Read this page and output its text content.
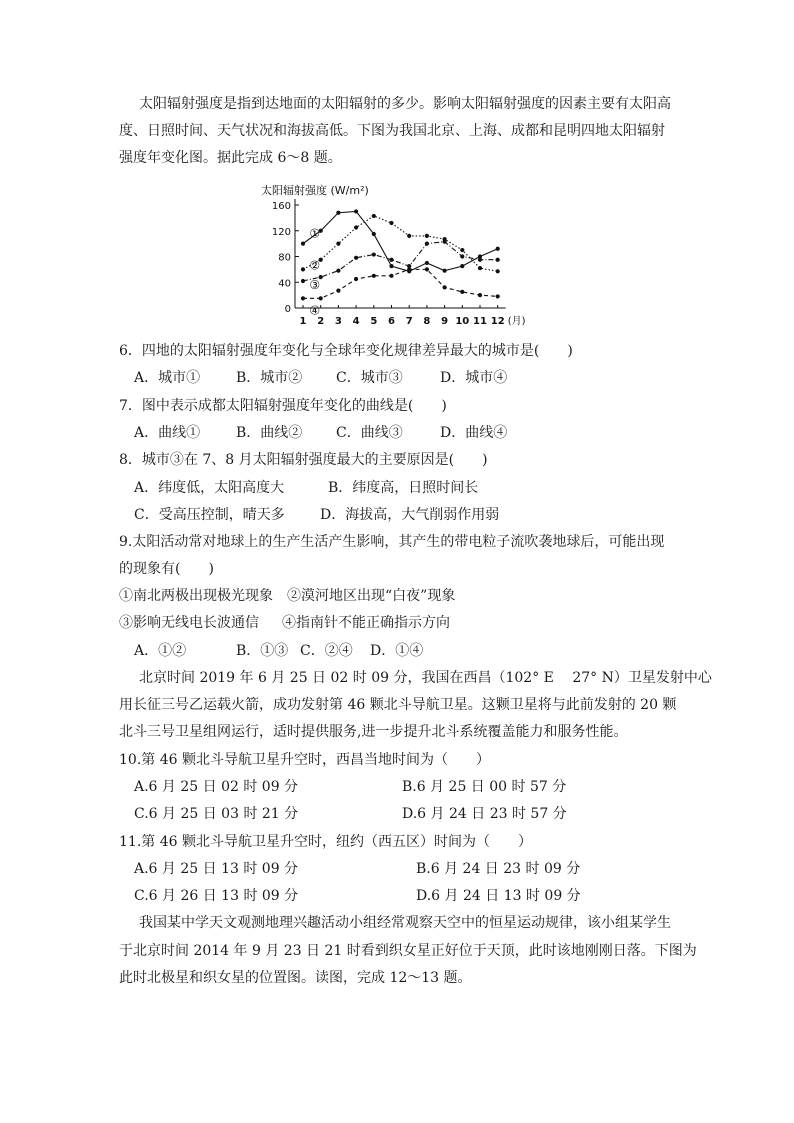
太阳辐射强度是指到达地面的太阳辐射的多少。影响太阳辐射强度的因素主要有太阳高
度、日照时间、天气状况和海拔高低。下图为我国北京、上海、成都和昆明四地太阳辐射
强度年变化图。据此完成 6～8 题。
太阳辐射强度 (W/m²)
0
40
80
120
160
1 2 3 4 5 6 7 8 9 10 11 12 (月)
①
②
③
④
6．四地的太阳辐射强度年变化与全球年变化规律差异最大的城市是(　　)
A．城市①	B．城市② C．城市③	D．城市④
7．图中表示成都太阳辐射强度年变化的曲线是(　　)
A．曲线①	B．曲线② C．曲线③	D．曲线④
8．城市③在 7、8 月太阳辐射强度最大的主要原因是(　　)
A．纬度低，太阳高度大	B．纬度高，日照时间长
C．受高压控制，晴天多	D．海拔高，大气削弱作用弱
9.太阳活动常对地球上的生产生活产生影响，其产生的带电粒子流吹袭地球后，可能出现
的现象有(　　)
①南北两极出现极光现象 ②漠河地区出现“白夜”现象
③影响无线电长波通信 ④指南针不能正确指示方向
A．①②	B．①③ C．②④ D．①④
北京时间 2019 年 6 月 25 日 02 时 09 分，我国在西昌（102° E　 27° N）卫星发射中心
用长征三号乙运载火箭，成功发射第 46 颗北斗导航卫星。这颗卫星将与此前发射的 20 颗
北斗三号卫星组网运行，适时提供服务,进一步提升北斗系统覆盖能力和服务性能。
10.第 46 颗北斗导航卫星升空时，西昌当地时间为（　　）
A.6 月 25 日 02 时 09 分	B.6 月 25 日 00 时 57 分
C.6 月 25 日 03 时 21 分	D.6 月 24 日 23 时 57 分
11.第 46 颗北斗导航卫星升空时，纽约（西五区）时间为（　　）
A.6 月 25 日 13 时 09 分	B.6 月 24 日 23 时 09 分
C.6 月 26 日 13 时 09 分	D.6 月 24 日 13 时 09 分
我国某中学天文观测地理兴趣活动小组经常观察天空中的恒星运动规律，该小组某学生
于北京时间 2014 年 9 月 23 日 21 时看到织女星正好位于天顶，此时该地刚刚日落。下图为
此时北极星和织女星的位置图。读图，完成 12～13 题。
